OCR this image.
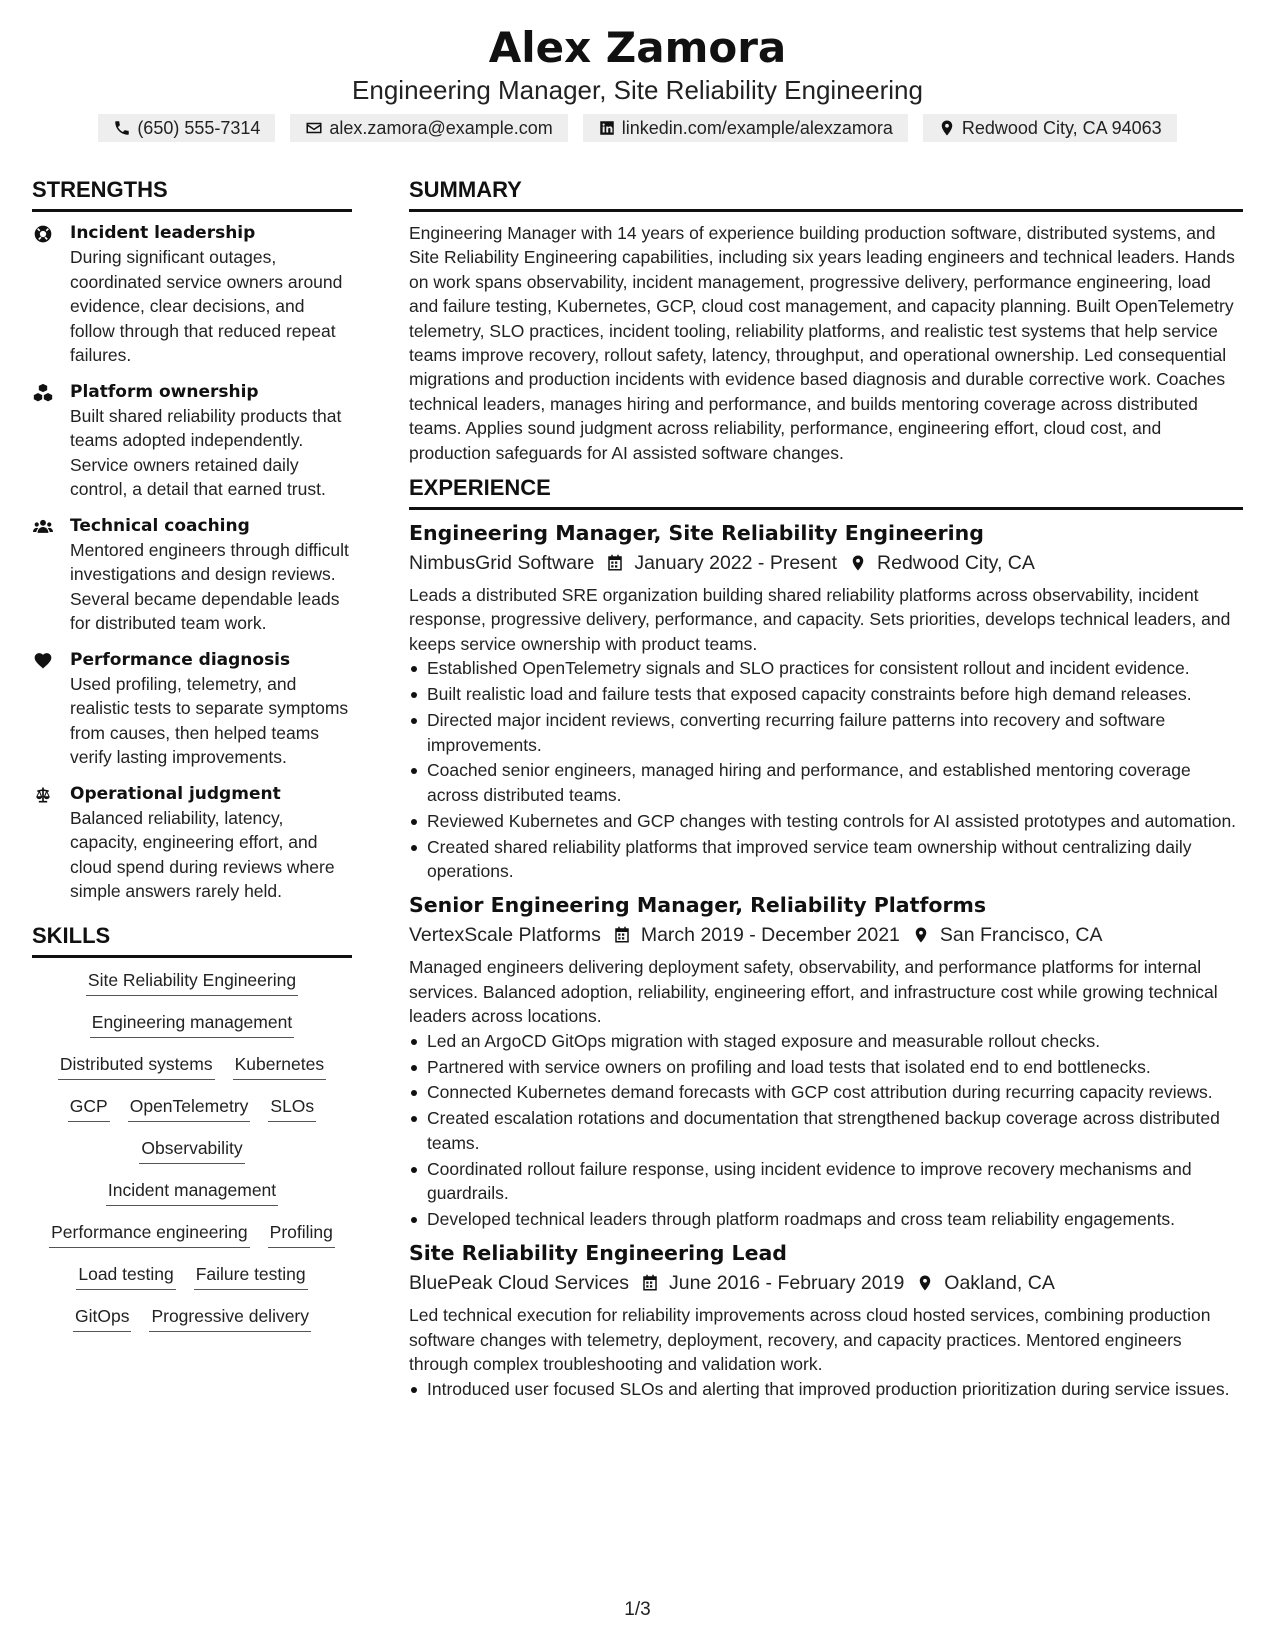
Alex Zamora
Engineering Manager, Site Reliability Engineering
(650) 555-7314	alex.zamora@example.com	linkedin.com/example/alexzamora	Redwood City, CA 94063
STRENGTHS
Incident leadership
During significant outages, coordinated service owners around evidence, clear decisions, and follow through that reduced repeat failures.
Platform ownership
Built shared reliability products that teams adopted independently. Service owners retained daily control, a detail that earned trust.
Technical coaching
Mentored engineers through difficult investigations and design reviews. Several became dependable leads for distributed team work.
Performance diagnosis
Used profiling, telemetry, and realistic tests to separate symptoms from causes, then helped teams verify lasting improvements.
Operational judgment
Balanced reliability, latency, capacity, engineering effort, and cloud spend during reviews where simple answers rarely held.
SKILLS
Site Reliability Engineering
Engineering management
Distributed systems Kubernetes
GCP OpenTelemetry SLOs
Observability
Incident management
Performance engineering Profiling
Load testing Failure testing
GitOps Progressive delivery
SUMMARY
Engineering Manager with 14 years of experience building production software, distributed systems, and Site Reliability Engineering capabilities, including six years leading engineers and technical leaders. Hands on work spans observability, incident management, progressive delivery, performance engineering, load and failure testing, Kubernetes, GCP, cloud cost management, and capacity planning. Built OpenTelemetry telemetry, SLO practices, incident tooling, reliability platforms, and realistic test systems that help service teams improve recovery, rollout safety, latency, throughput, and operational ownership. Led consequential migrations and production incidents with evidence based diagnosis and durable corrective work. Coaches technical leaders, manages hiring and performance, and builds mentoring coverage across distributed teams. Applies sound judgment across reliability, performance, engineering effort, cloud cost, and production safeguards for AI assisted software changes.
EXPERIENCE
Engineering Manager, Site Reliability Engineering
NimbusGrid Software January 2022 - Present Redwood City, CA
Leads a distributed SRE organization building shared reliability platforms across observability, incident response, progressive delivery, performance, and capacity. Sets priorities, develops technical leaders, and keeps service ownership with product teams.
Established OpenTelemetry signals and SLO practices for consistent rollout and incident evidence.
Built realistic load and failure tests that exposed capacity constraints before high demand releases.
Directed major incident reviews, converting recurring failure patterns into recovery and software improvements.
Coached senior engineers, managed hiring and performance, and established mentoring coverage across distributed teams.
Reviewed Kubernetes and GCP changes with testing controls for AI assisted prototypes and automation.
Created shared reliability platforms that improved service team ownership without centralizing daily operations.
Senior Engineering Manager, Reliability Platforms
VertexScale Platforms March 2019 - December 2021 San Francisco, CA
Managed engineers delivering deployment safety, observability, and performance platforms for internal services. Balanced adoption, reliability, engineering effort, and infrastructure cost while growing technical leaders across locations.
Led an ArgoCD GitOps migration with staged exposure and measurable rollout checks.
Partnered with service owners on profiling and load tests that isolated end to end bottlenecks.
Connected Kubernetes demand forecasts with GCP cost attribution during recurring capacity reviews.
Created escalation rotations and documentation that strengthened backup coverage across distributed teams.
Coordinated rollout failure response, using incident evidence to improve recovery mechanisms and guardrails.
Developed technical leaders through platform roadmaps and cross team reliability engagements.
Site Reliability Engineering Lead
BluePeak Cloud Services June 2016 - February 2019 Oakland, CA
Led technical execution for reliability improvements across cloud hosted services, combining production software changes with telemetry, deployment, recovery, and capacity practices. Mentored engineers through complex troubleshooting and validation work.
Introduced user focused SLOs and alerting that improved production prioritization during service issues.
1/3
